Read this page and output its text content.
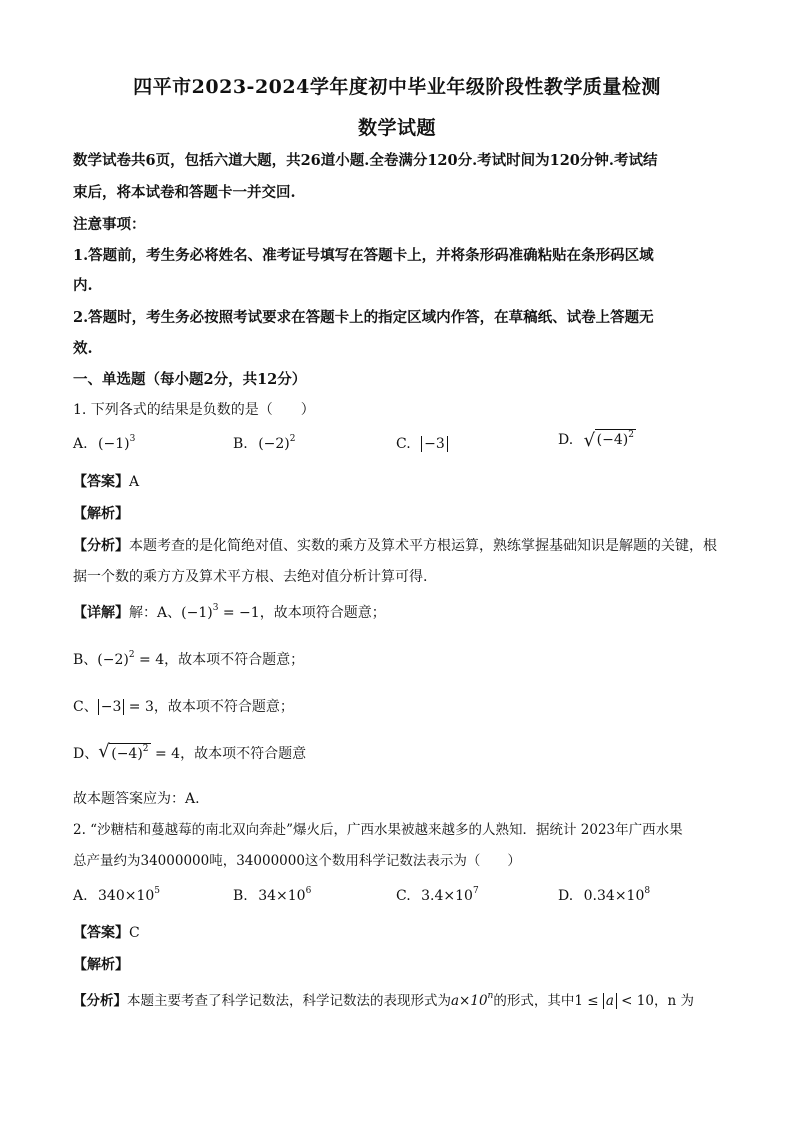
四平市2023-2024学年度初中毕业年级阶段性教学质量检测
数学试题
数学试卷共6页，包括六道大题，共26道小题.全卷满分120分.考试时间为120分钟.考试结
束后，将本试卷和答题卡一并交回.
注意事项：
1.答题前，考生务必将姓名、准考证号填写在答题卡上，并将条形码准确粘贴在条形码区域
内.
2.答题时，考生务必按照考试要求在答题卡上的指定区域内作答，在草稿纸、试卷上答题无
效.
一、单选题（每小题2分，共12分）
1. 下列各式的结果是负数的是（　　）
A. $(-1)^3$	B. $(-2)^2$	C. −3	D. √ $(-4)^2$
【答案】A
【解析】
【分析】本题考查的是化简绝对值、实数的乘方及算术平方根运算，熟练掌握基础知识是解题的关键，根
据一个数的乘方方及算术平方根、去绝对值分析计算可得.
【详解】解：A、$(-1)^3 = -1$，故本项符合题意；
B、$(-2)^2 = 4$，故本项不符合题意；
C、 −3 = 3，故本项不符合题意；
D、 √ $(-4)^2 = 4$，故本项不符合题意
故本题答案应为：A.
2. “沙糖桔和蔓越莓的南北双向奔赴”爆火后，广西水果被越来越多的人熟知．据统计 2023年广西水果
总产量约为34000000吨，34000000这个数用科学记数法表示为（　　）
A. $340\times 10^5$	B. $34\times 10^6$	C. $3.4\times 10^7$	D. $0.34\times 10^8$
【答案】C
【解析】
【分析】本题主要考查了科学记数法，科学记数法的表现形式为$a\times 10^n$的形式，其中1 ≤ a < 10，n 为
